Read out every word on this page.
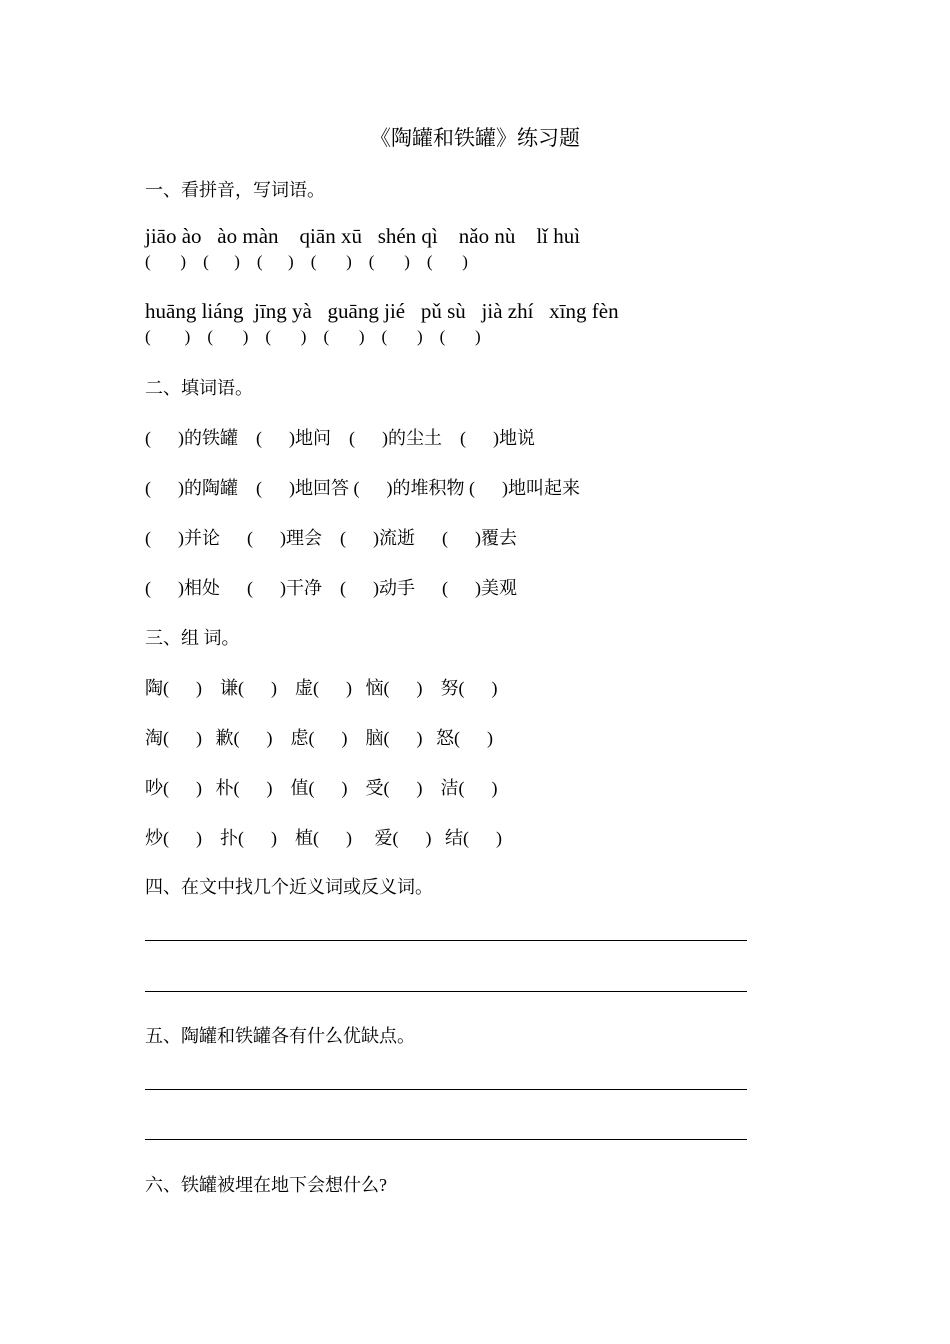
《陶罐和铁罐》练习题
一、看拼音，写词语。
jiāo ào   ào màn    qiān xū   shén qì    nǎo nù    lǐ huì
(       )    (      )    (      )    (       )    (       )    (       )
huāng liáng  jīng yà   guāng jié   pǔ sù   jià zhí   xīng fèn
(        )    (       )    (       )    (       )    (       )    (       )
二、填词语。
(      )的铁罐    (      )地问    (      )的尘土    (      )地说
(      )的陶罐    (      )地回答 (      )的堆积物 (      )地叫起来
(      )并论      (      )理会    (      )流逝      (      )覆去
(      )相处      (      )干净    (      )动手      (      )美观
三、组 词。
陶(      )    谦(      )    虚(      )   恼(      )    努(      )
淘(      )   歉(      )    虑(      )    脑(      )   怒(      )
吵(      )   朴(      )    值(      )    受(      )    洁(      )
炒(      )    扑(      )    植(      )     爱(      )   结(      )
四、在文中找几个近义词或反义词。
五、陶罐和铁罐各有什么优缺点。
六、铁罐被埋在地下会想什么?
